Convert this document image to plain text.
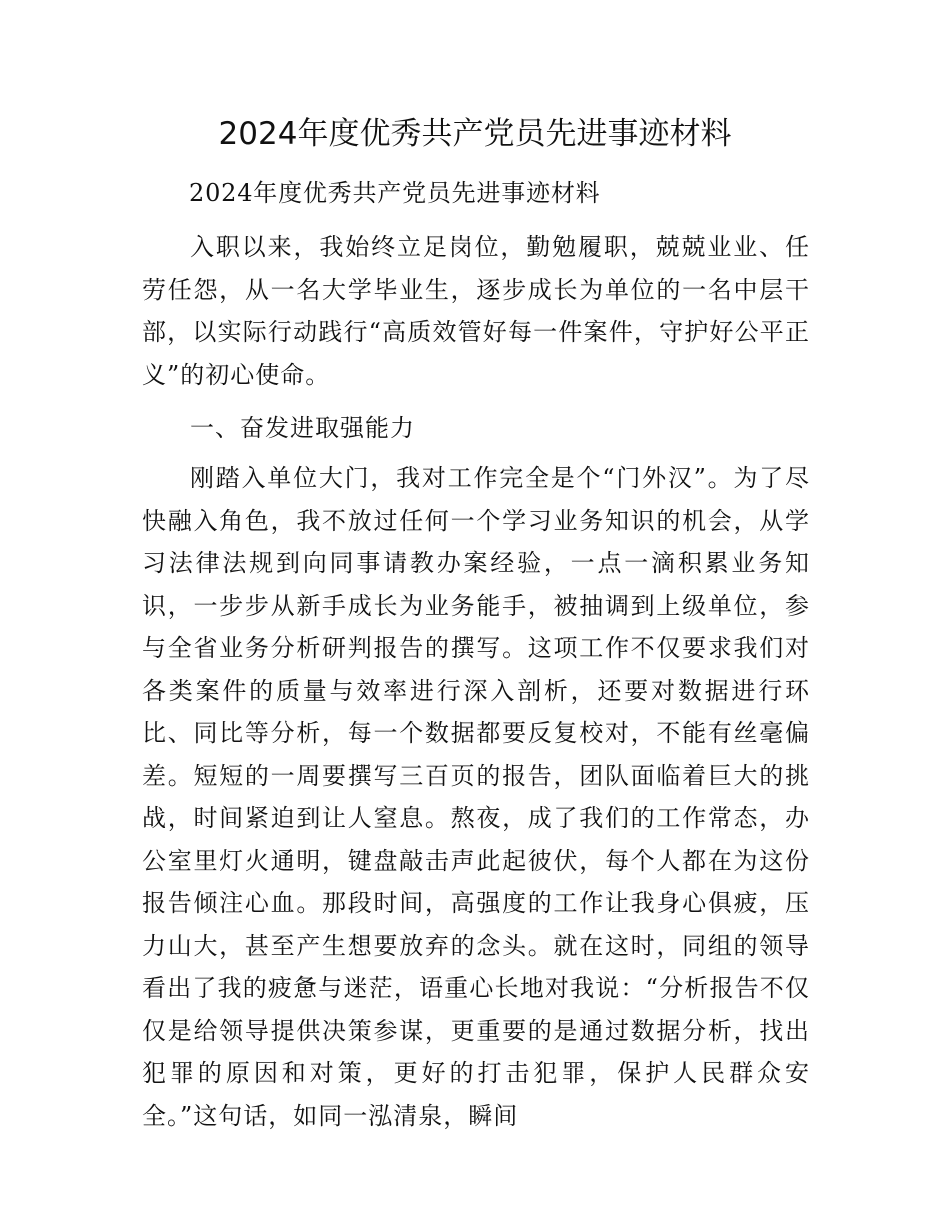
2024年度优秀共产党员先进事迹材料

2024年度优秀共产党员先进事迹材料

入职以来，我始终立足岗位，勤勉履职，兢兢业业、任劳任怨，从一名大学毕业生，逐步成长为单位的一名中层干部，以实际行动践行“高质效管好每一件案件，守护好公平正义”的初心使命。

一、奋发进取强能力

刚踏入单位大门，我对工作完全是个“门外汉”。为了尽快融入角色，我不放过任何一个学习业务知识的机会，从学习法律法规到向同事请教办案经验，一点一滴积累业务知识，一步步从新手成长为业务能手，被抽调到上级单位，参与全省业务分析研判报告的撰写。这项工作不仅要求我们对各类案件的质量与效率进行深入剖析，还要对数据进行环比、同比等分析，每一个数据都要反复校对，不能有丝毫偏差。短短的一周要撰写三百页的报告，团队面临着巨大的挑战，时间紧迫到让人窒息。熬夜，成了我们的工作常态，办公室里灯火通明，键盘敲击声此起彼伏，每个人都在为这份报告倾注心血。那段时间，高强度的工作让我身心俱疲，压力山大，甚至产生想要放弃的念头。就在这时，同组的领导看出了我的疲惫与迷茫，语重心长地对我说：“分析报告不仅仅是给领导提供决策参谋，更重要的是通过数据分析，找出犯罪的原因和对策，更好的打击犯罪，保护人民群众安全。”这句话，如同一泓清泉，瞬间
